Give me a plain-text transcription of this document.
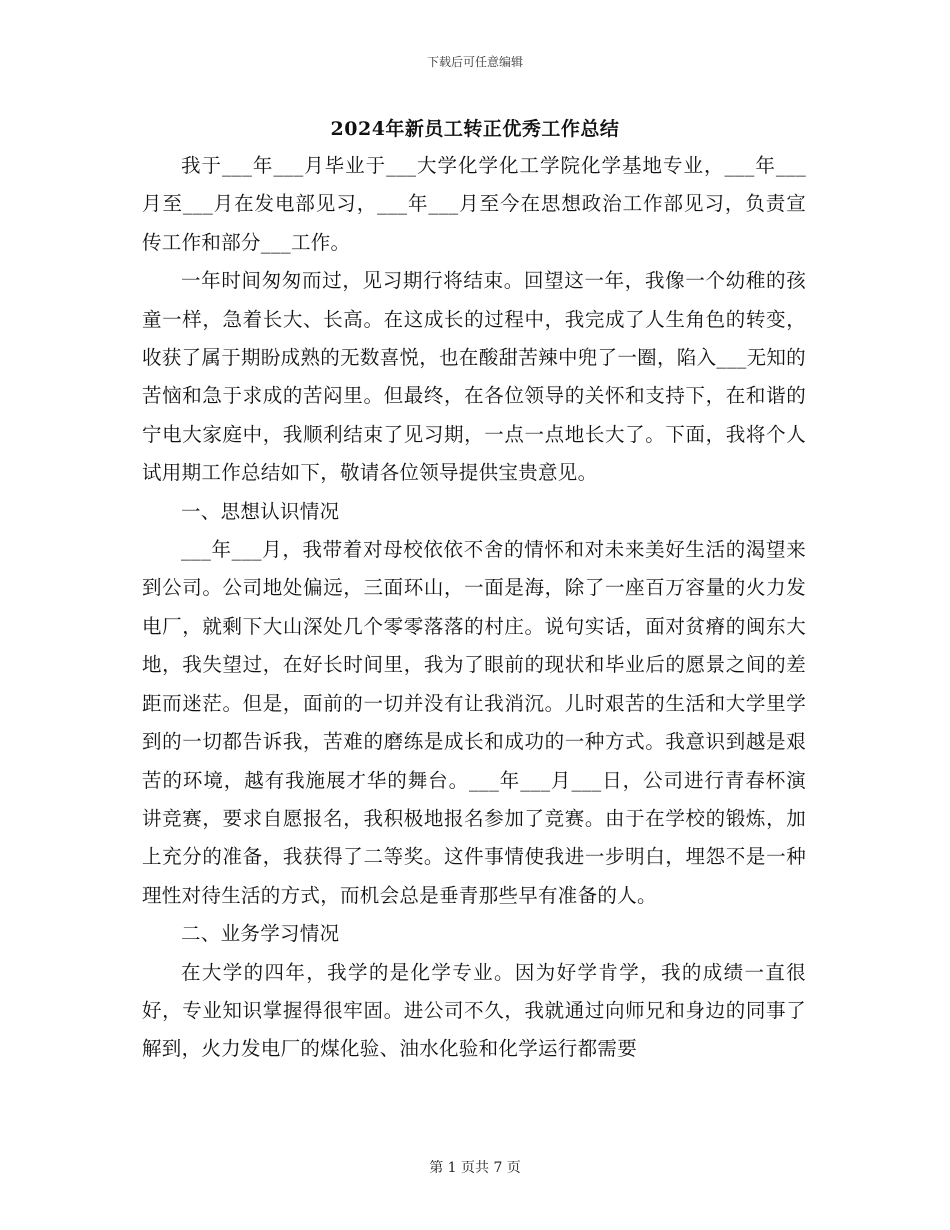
下载后可任意编辑
2024年新员工转正优秀工作总结

我于___年___月毕业于___大学化学化工学院化学基地专业，___年___月至___月在发电部见习，___年___月至今在思想政治工作部见习，负责宣传工作和部分___工作。

一年时间匆匆而过，见习期行将结束。回望这一年，我像一个幼稚的孩童一样，急着长大、长高。在这成长的过程中，我完成了人生角色的转变，收获了属于期盼成熟的无数喜悦，也在酸甜苦辣中兜了一圈，陷入___无知的苦恼和急于求成的苦闷里。但最终，在各位领导的关怀和支持下，在和谐的宁电大家庭中，我顺利结束了见习期，一点一点地长大了。下面，我将个人试用期工作总结如下，敬请各位领导提供宝贵意见。

一、思想认识情况

___年___月，我带着对母校依依不舍的情怀和对未来美好生活的渴望来到公司。公司地处偏远，三面环山，一面是海，除了一座百万容量的火力发电厂，就剩下大山深处几个零零落落的村庄。说句实话，面对贫瘠的闽东大地，我失望过，在好长时间里，我为了眼前的现状和毕业后的愿景之间的差距而迷茫。但是，面前的一切并没有让我消沉。儿时艰苦的生活和大学里学到的一切都告诉我，苦难的磨练是成长和成功的一种方式。我意识到越是艰苦的环境，越有我施展才华的舞台。___年___月___日，公司进行青春杯演讲竞赛，要求自愿报名，我积极地报名参加了竞赛。由于在学校的锻炼，加上充分的准备，我获得了二等奖。这件事情使我进一步明白，埋怨不是一种理性对待生活的方式，而机会总是垂青那些早有准备的人。

二、业务学习情况

在大学的四年，我学的是化学专业。因为好学肯学，我的成绩一直很好，专业知识掌握得很牢固。进公司不久，我就通过向师兄和身边的同事了解到，火力发电厂的煤化验、油水化验和化学运行都需要

第 1 页共 7 页
